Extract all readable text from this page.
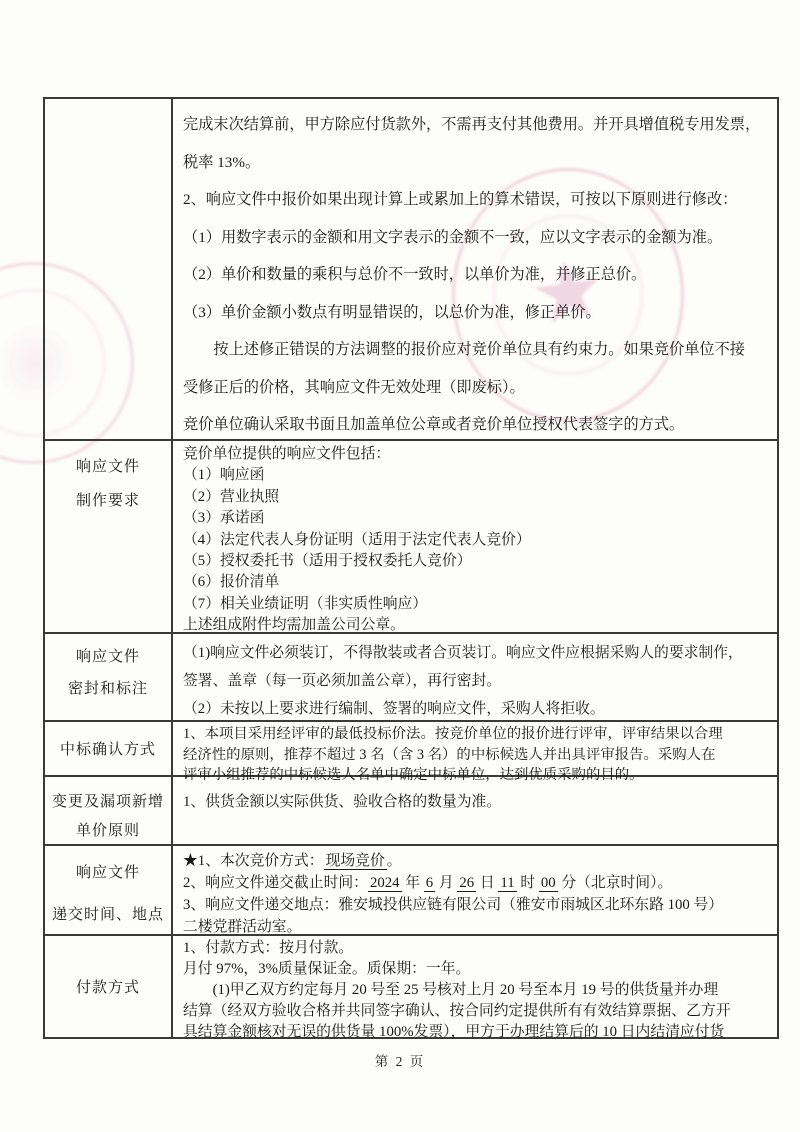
★
完成末次结算前，甲方除应付货款外，不需再支付其他费用。并开具增值税专用发票，
税率 13%。
2、响应文件中报价如果出现计算上或累加上的算术错误，可按以下原则进行修改：
（1）用数字表示的金额和用文字表示的金额不一致，应以文字表示的金额为准。
（2）单价和数量的乘积与总价不一致时，以单价为准，并修正总价。
（3）单价金额小数点有明显错误的，以总价为准，修正单价。
　　按上述修正错误的方法调整的报价应对竞价单位具有约束力。如果竞价单位不接
受修正后的价格，其响应文件无效处理（即废标）。
竞价单位确认采取书面且加盖单位公章或者竞价单位授权代表签字的方式。
响应文件
制作要求
竞价单位提供的响应文件包括：
（1）响应函
（2）营业执照
（3）承诺函
（4）法定代表人身份证明（适用于法定代表人竞价）
（5）授权委托书（适用于授权委托人竞价）
（6）报价清单
（7）相关业绩证明（非实质性响应）
上述组成附件均需加盖公司公章。
响应文件
密封和标注
（1)响应文件必须装订，不得散装或者合页装订。响应文件应根据采购人的要求制作，
签署、盖章（每一页必须加盖公章），再行密封。
（2）未按以上要求进行编制、签署的响应文件，采购人将拒收。
中标确认方式
1、本项目采用经评审的最低投标价法。按竞价单位的报价进行评审，评审结果以合理
经济性的原则，推荐不超过 3 名（含 3 名）的中标候选人并出具评审报告。采购人在
评审小组推荐的中标候选人名单中确定中标单位，达到优质采购的目的。
变更及漏项新增
单价原则
1、供货金额以实际供货、验收合格的数量为准。
响应文件
递交时间、地点
★1、本次竞价方式： 现场竞价 。
2、响应文件递交截止时间： 2024 年 6 月 26 日 11 时 00 分（北京时间）。
3、响应文件递交地点：雅安城投供应链有限公司（雅安市雨城区北环东路 100 号）
二楼党群活动室。
付款方式
1、付款方式：按月付款。
月付 97%，3%质量保证金。质保期：一年。
　　(1)甲乙双方约定每月 20 号至 25 号核对上月 20 号至本月 19 号的供货量并办理
结算（经双方验收合格并共同签字确认、按合同约定提供所有有效结算票据、乙方开
具结算金额核对无误的供货量 100%发票），甲方于办理结算后的 10 日内结清应付货
第 2 页
